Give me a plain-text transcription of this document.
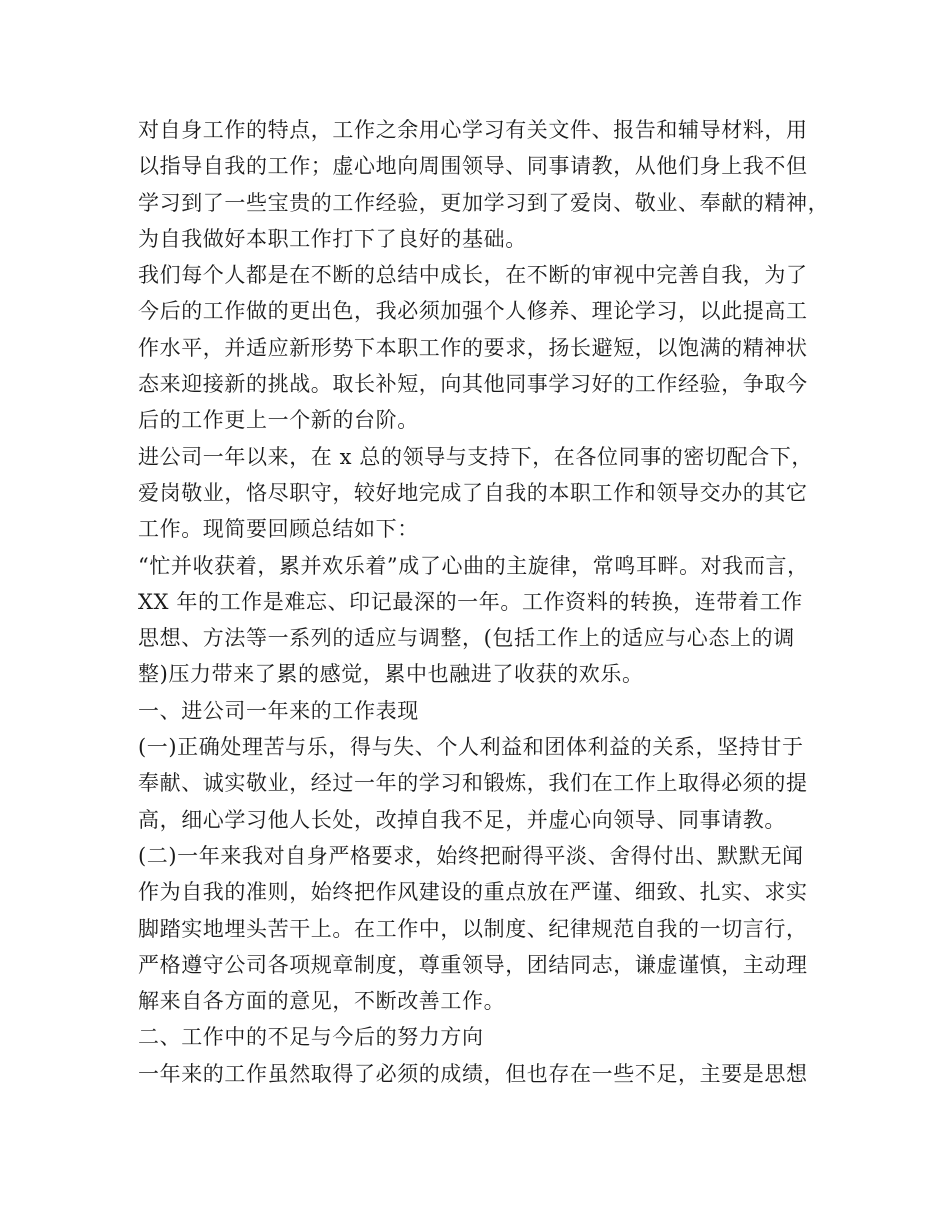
对自身工作的特点，工作之余用心学习有关文件、报告和辅导材料，用
以指导自我的工作；虚心地向周围领导、同事请教，从他们身上我不但
学习到了一些宝贵的工作经验，更加学习到了爱岗、敬业、奉献的精神，
为自我做好本职工作打下了良好的基础。
我们每个人都是在不断的总结中成长，在不断的审视中完善自我，为了
今后的工作做的更出色，我必须加强个人修养、理论学习，以此提高工
作水平，并适应新形势下本职工作的要求，扬长避短，以饱满的精神状
态来迎接新的挑战。取长补短，向其他同事学习好的工作经验，争取今
后的工作更上一个新的台阶。
进公司一年以来，在 x 总的领导与支持下，在各位同事的密切配合下，
爱岗敬业，恪尽职守，较好地完成了自我的本职工作和领导交办的其它
工作。现简要回顾总结如下：
“忙并收获着，累并欢乐着”成了心曲的主旋律，常鸣耳畔。对我而言，
XX 年的工作是难忘、印记最深的一年。工作资料的转换，连带着工作
思想、方法等一系列的适应与调整，(包括工作上的适应与心态上的调
整)压力带来了累的感觉，累中也融进了收获的欢乐。
一、进公司一年来的工作表现
(一)正确处理苦与乐，得与失、个人利益和团体利益的关系，坚持甘于
奉献、诚实敬业，经过一年的学习和锻炼，我们在工作上取得必须的提
高，细心学习他人长处，改掉自我不足，并虚心向领导、同事请教。
(二)一年来我对自身严格要求，始终把耐得平淡、舍得付出、默默无闻
作为自我的准则，始终把作风建设的重点放在严谨、细致、扎实、求实
脚踏实地埋头苦干上。在工作中，以制度、纪律规范自我的一切言行，
严格遵守公司各项规章制度，尊重领导，团结同志，谦虚谨慎，主动理
解来自各方面的意见，不断改善工作。
二、工作中的不足与今后的努力方向
一年来的工作虽然取得了必须的成绩，但也存在一些不足，主要是思想
